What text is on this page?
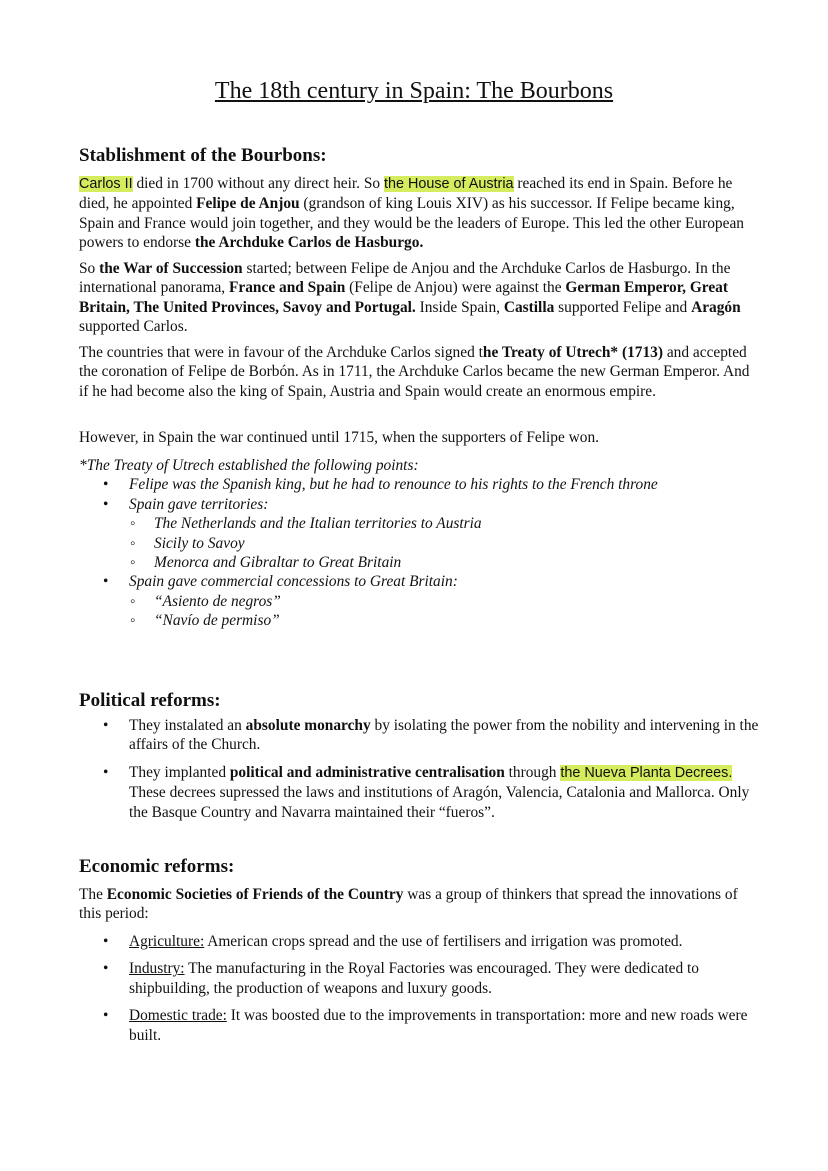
The 18th century in Spain: The Bourbons
Stablishment of the Bourbons:

Carlos II died in 1700 without any direct heir. So the House of Austria reached its end in Spain. Before he died, he appointed Felipe de Anjou (grandson of king Louis XIV) as his successor. If Felipe became king, Spain and France would join together, and they would be the leaders of Europe. This led the other European powers to endorse the Archduke Carlos de Hasburgo.

So the War of Succession started; between Felipe de Anjou and the Archduke Carlos de Hasburgo. In the international panorama, France and Spain (Felipe de Anjou) were against the German Emperor, Great Britain, The United Provinces, Savoy and Portugal. Inside Spain, Castilla supported Felipe and Aragón supported Carlos.

The countries that were in favour of the Archduke Carlos signed the Treaty of Utrech* (1713) and accepted the coronation of Felipe de Borbón. As in 1711, the Archduke Carlos became the new German Emperor. And if he had become also the king of Spain, Austria and Spain would create an enormous empire.

However, in Spain the war continued until 1715, when the supporters of Felipe won.

*The Treaty of Utrech established the following points:
• Felipe was the Spanish king, but he had to renounce to his rights to the French throne
• Spain gave territories:
◦ The Netherlands and the Italian territories to Austria
◦ Sicily to Savoy
◦ Menorca and Gibraltar to Great Britain
• Spain gave commercial concessions to Great Britain:
◦ “Asiento de negros”
◦ “Navío de permiso”
Political reforms:
• They instalated an absolute monarchy by isolating the power from the nobility and intervening in the affairs of the Church.
• They implanted political and administrative centralisation through the Nueva Planta Decrees. These decrees supressed the laws and institutions of Aragón, Valencia, Catalonia and Mallorca. Only the Basque Country and Navarra maintained their “fueros”.
Economic reforms:

The Economic Societies of Friends of the Country was a group of thinkers that spread the innovations of this period:

• Agriculture: American crops spread and the use of fertilisers and irrigation was promoted.
• Industry: The manufacturing in the Royal Factories was encouraged. They were dedicated to shipbuilding, the production of weapons and luxury goods.
• Domestic trade: It was boosted due to the improvements in transportation: more and new roads were built.
